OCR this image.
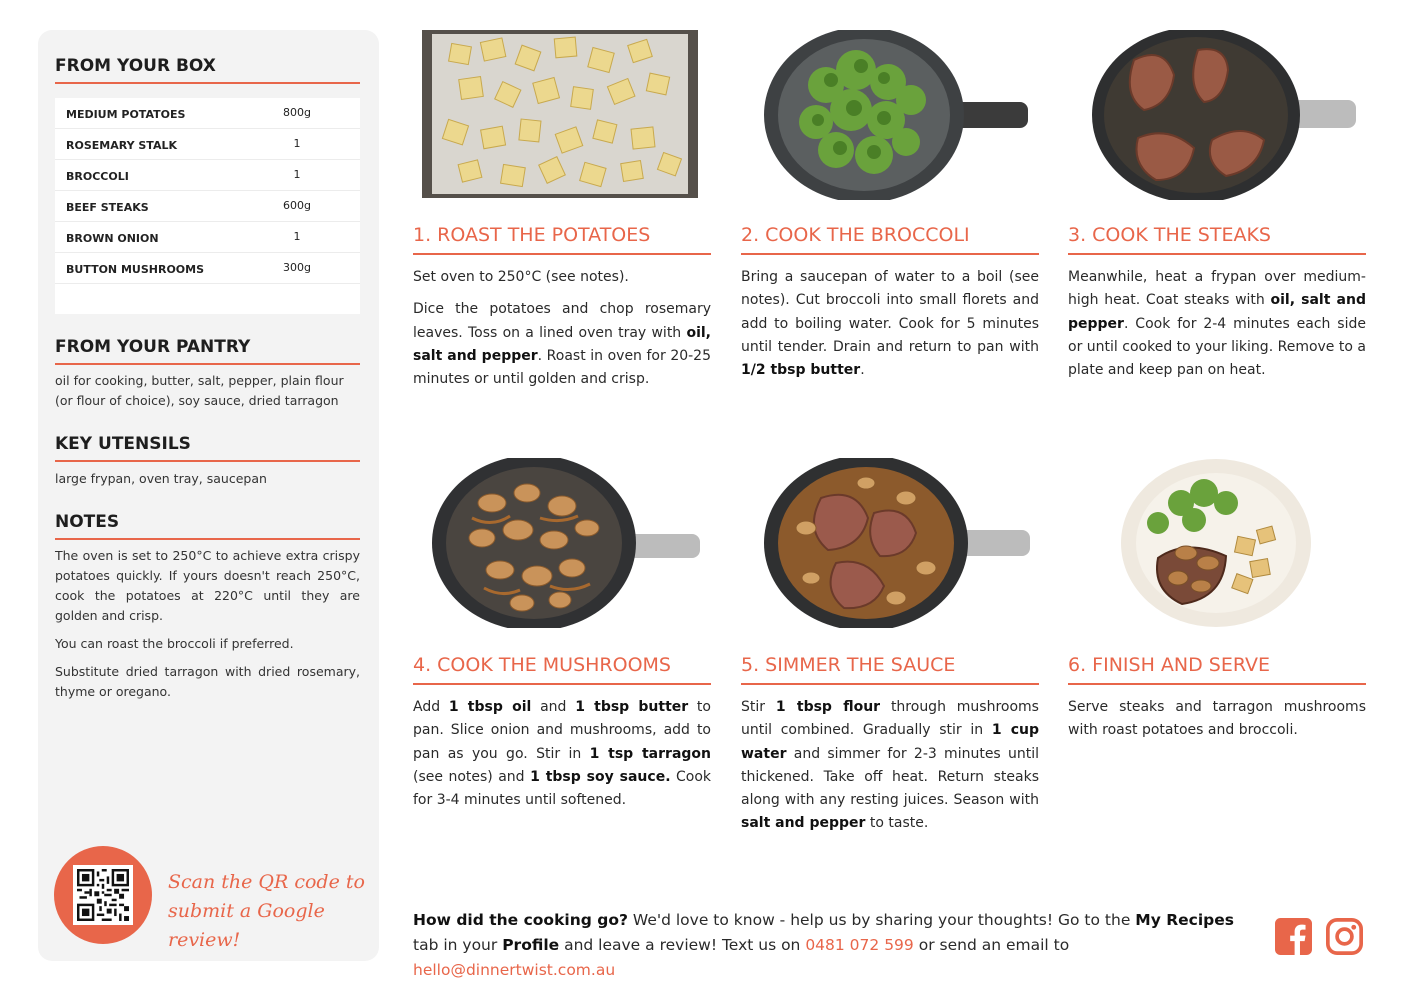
FROM YOUR BOX
MEDIUM POTATOES	800g
ROSEMARY STALK	1
BROCCOLI	1
BEEF STEAKS	600g
BROWN ONION	1
BUTTON MUSHROOMS	300g
FROM YOUR PANTRY
oil for cooking, butter, salt, pepper, plain flour (or flour of choice), soy sauce, dried tarragon
KEY UTENSILS
large frypan, oven tray, saucepan
NOTES

The oven is set to 250°C to achieve extra crispy potatoes quickly. If yours doesn't reach 250°C, cook the potatoes at 220°C until they are golden and crisp.

You can roast the broccoli if preferred.

Substitute dried tarragon with dried rosemary, thyme or oregano.

Scan the QR code to
submit a Google review!
1. ROAST THE POTATOES

Set oven to 250°C (see notes).

Dice the potatoes and chop rosemary leaves. Toss on a lined oven tray with oil, salt and pepper. Roast in oven for 20-25 minutes or until golden and crisp.

2. COOK THE BROCCOLI

Bring a saucepan of water to a boil (see notes). Cut broccoli into small florets and add to boiling water. Cook for 5 minutes until tender. Drain and return to pan with 1/2 tbsp butter.

3. COOK THE STEAKS

Meanwhile, heat a frypan over medium-high heat. Coat steaks with oil, salt and pepper. Cook for 2-4 minutes each side or until cooked to your liking. Remove to a plate and keep pan on heat.

4. COOK THE MUSHROOMS

Add 1 tbsp oil and 1 tbsp butter to pan. Slice onion and mushrooms, add to pan as you go. Stir in 1 tsp tarragon (see notes) and 1 tbsp soy sauce. Cook for 3-4 minutes until softened.

5. SIMMER THE SAUCE

Stir 1 tbsp flour through mushrooms until combined. Gradually stir in 1 cup water and simmer for 2-3 minutes until thickened. Take off heat. Return steaks along with any resting juices. Season with salt and pepper to taste.

6. FINISH AND SERVE

Serve steaks and tarragon mushrooms with roast potatoes and broccoli.

How did the cooking go? We'd love to know - help us by sharing your thoughts! Go to the My Recipes tab in your Profile and leave a review! Text us on 0481 072 599 or send an email to hello@dinnertwist.com.au
